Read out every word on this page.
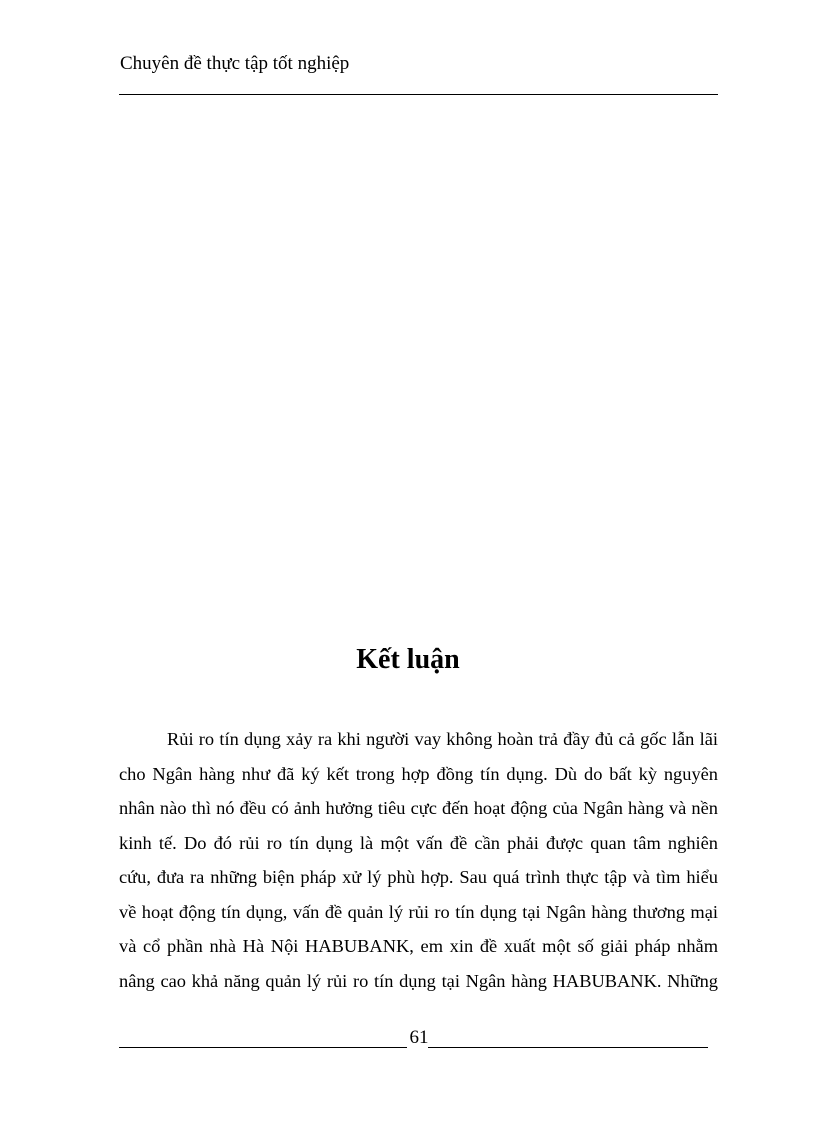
Chuyên đề thực tập tốt nghiệp
Kết luận
Rủi ro tín dụng xảy ra khi người vay không hoàn trả đầy đủ cả gốc lẫn lãi
cho Ngân hàng như đã ký kết trong hợp đồng tín dụng. Dù do bất kỳ nguyên
nhân nào thì nó đều có ảnh hưởng tiêu cực đến hoạt động của Ngân hàng và nền
kinh tế. Do đó rủi ro tín dụng là một vấn đề cần phải được quan tâm nghiên
cứu, đưa ra những biện pháp xử lý phù hợp. Sau quá trình thực tập và tìm hiểu
về hoạt động tín dụng, vấn đề quản lý rủi ro tín dụng tại Ngân hàng thương mại
và cổ phần nhà Hà Nội HABUBANK, em xin đề xuất một số giải pháp nhằm
nâng cao khả năng quản lý rủi ro tín dụng tại Ngân hàng HABUBANK. Những
61
